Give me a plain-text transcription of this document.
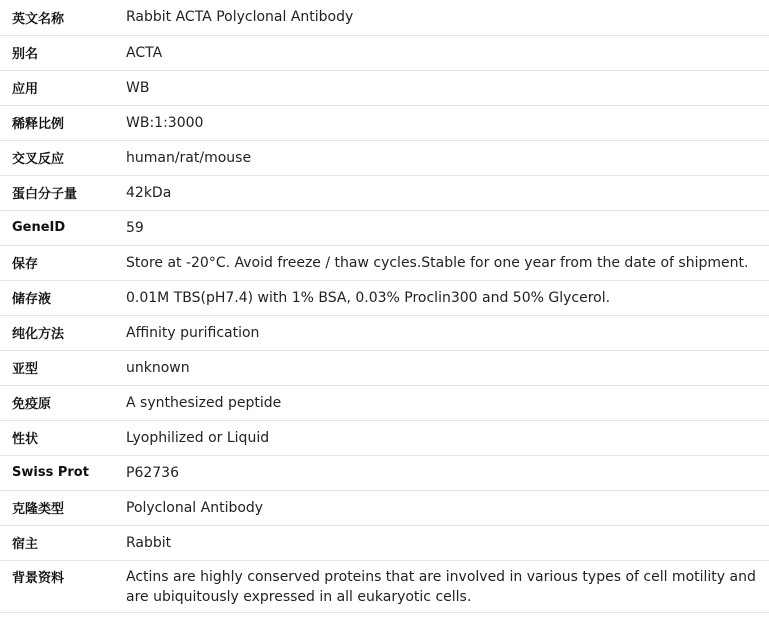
英文名称	Rabbit ACTA Polyclonal Antibody
别名	ACTA
应用	WB
稀释比例	WB:1:3000
交叉反应	human/rat/mouse
蛋白分子量	42kDa
GeneID	59
保存	Store at -20°C. Avoid freeze / thaw cycles.Stable for one year from the date of shipment.
储存液	0.01M TBS(pH7.4) with 1% BSA, 0.03% Proclin300 and 50% Glycerol.
纯化方法	Affinity purification
亚型	unknown
免疫原	A synthesized peptide
性状	Lyophilized or Liquid
Swiss Prot	P62736
克隆类型	Polyclonal Antibody
宿主	Rabbit
背景资料	Actins are highly conserved proteins that are involved in various types of cell motility and are ubiquitously expressed in all eukaryotic cells.
